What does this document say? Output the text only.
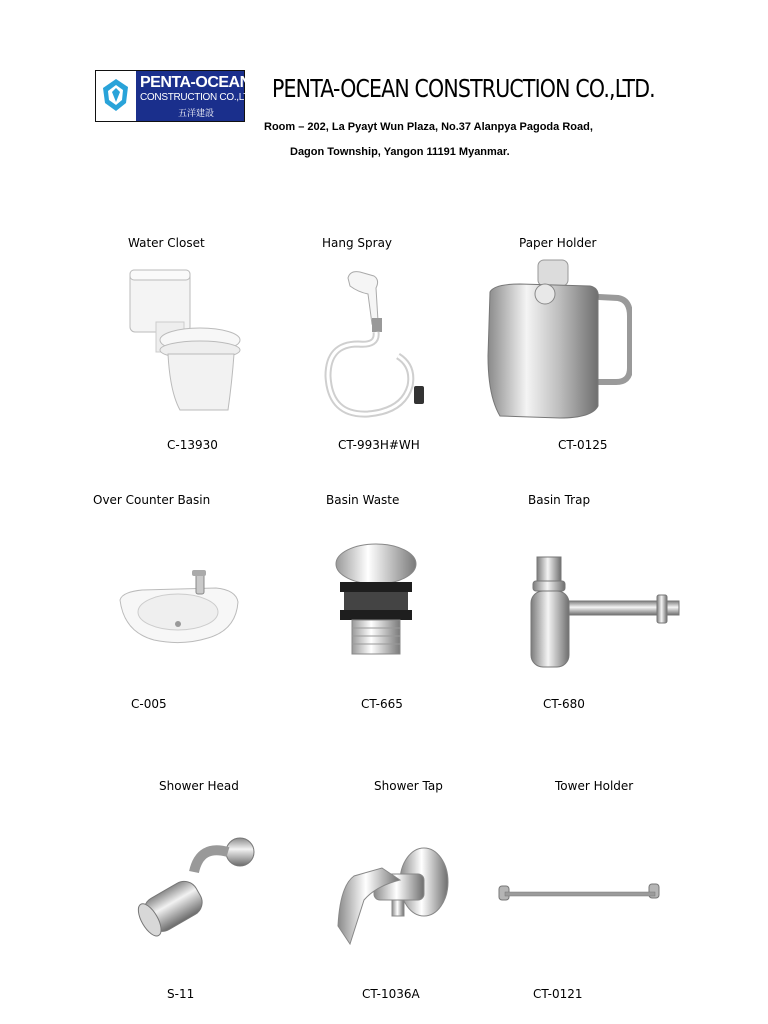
PENTA-OCEAN
CONSTRUCTION CO.,LTD.
五洋建設
PENTA-OCEAN CONSTRUCTION CO.,LTD.
Room – 202, La Pyayt Wun Plaza, No.37 Alanpya Pagoda Road,
Dagon Township, Yangon 11191 Myanmar.
Water Closet	Hang Spray	Paper Holder
C-13930	CT-993H#WH	CT-0125
Over Counter Basin	Basin Waste	Basin Trap
C-005	CT-665	CT-680
Shower Head	Shower Tap	Tower Holder
S-11	CT-1036A	CT-0121
